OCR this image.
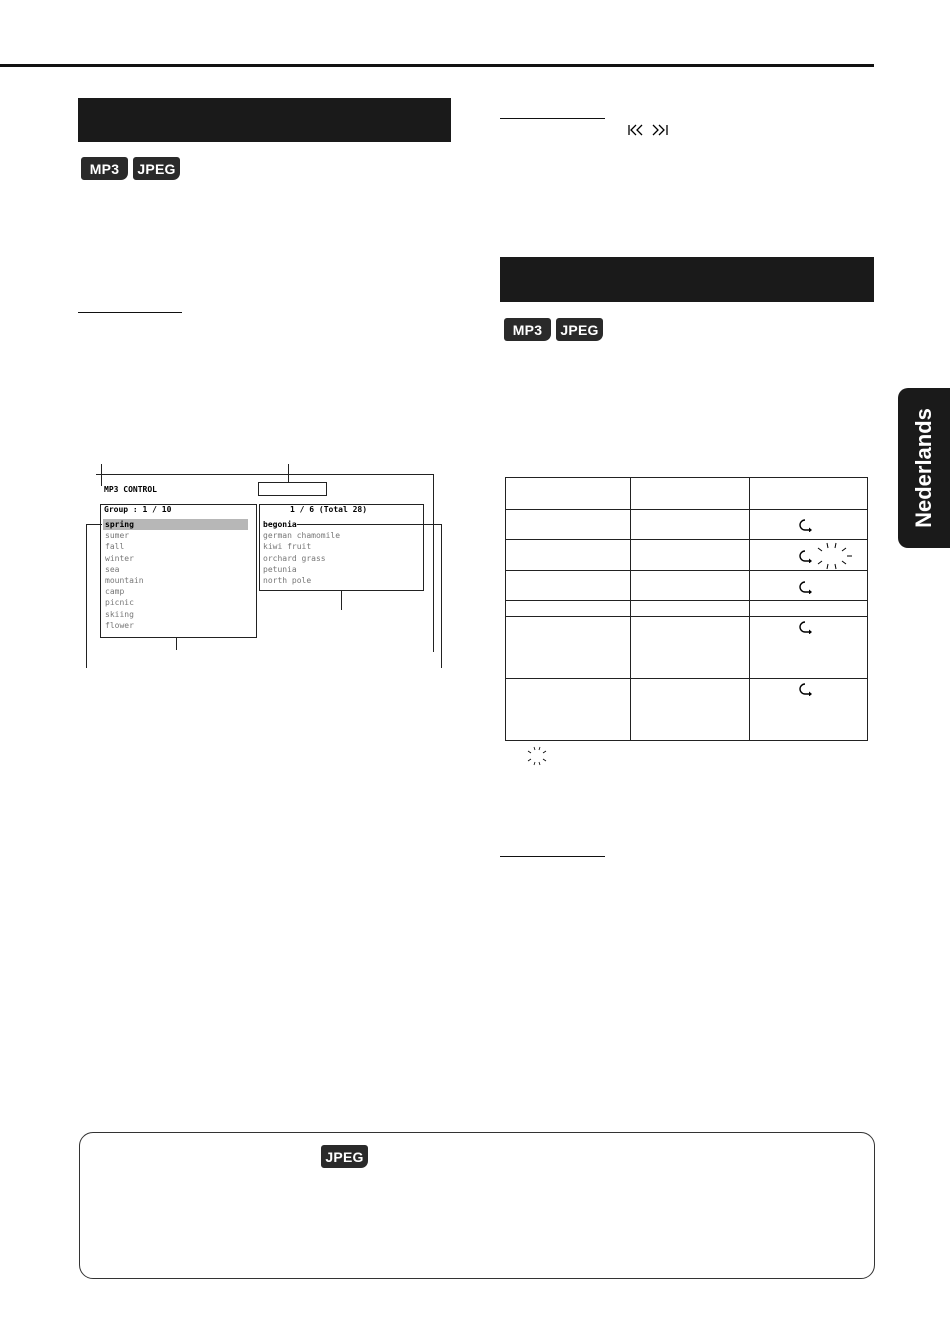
MP3	JPEG
MP3 CONTROL
Group : 1 / 10
spring
sumer
fall
winter
sea
mountain
camp
picnic
skiing
flower
1 / 6 (Total 28)
begonia
german chamomile
kiwi fruit
orchard grass
petunia
north pole
MP3	JPEG

Nederlands
JPEG
